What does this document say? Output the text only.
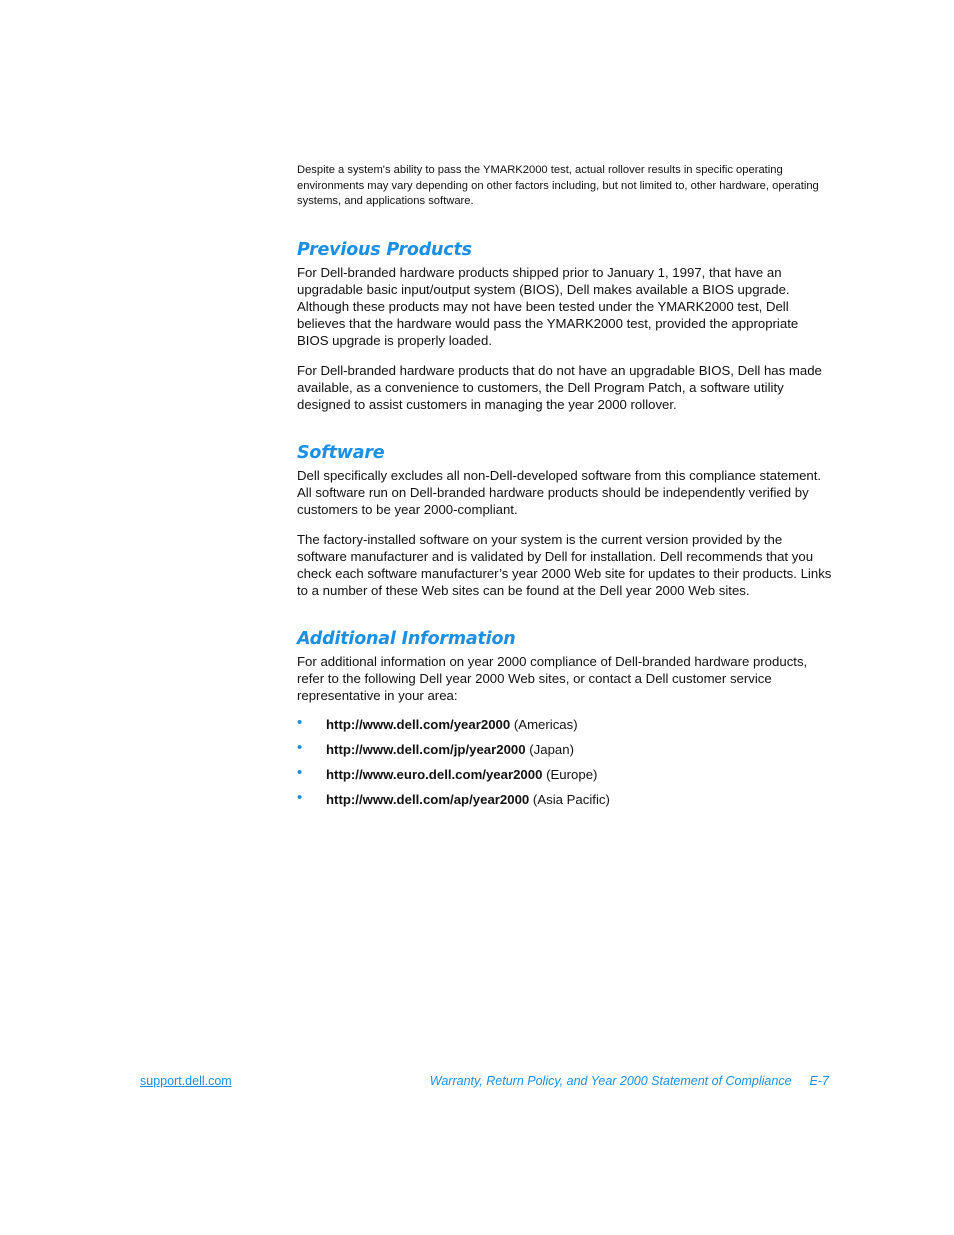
Despite a system's ability to pass the YMARK2000 test, actual rollover results in specific operating environments may vary depending on other factors including, but not limited to, other hardware, operating systems, and applications software.

Previous Products

For Dell-branded hardware products shipped prior to January 1, 1997, that have an upgradable basic input/output system (BIOS), Dell makes available a BIOS upgrade. Although these products may not have been tested under the YMARK2000 test, Dell believes that the hardware would pass the YMARK2000 test, provided the appropriate BIOS upgrade is properly loaded.

For Dell-branded hardware products that do not have an upgradable BIOS, Dell has made available, as a convenience to customers, the Dell Program Patch, a software utility designed to assist customers in managing the year 2000 rollover.

Software

Dell specifically excludes all non-Dell-developed software from this compliance statement. All software run on Dell-branded hardware products should be independently verified by customers to be year 2000-compliant.

The factory-installed software on your system is the current version provided by the software manufacturer and is validated by Dell for installation. Dell recommends that you check each software manufacturer’s year 2000 Web site for updates to their products. Links to a number of these Web sites can be found at the Dell year 2000 Web sites.

Additional Information

For additional information on year 2000 compliance of Dell-branded hardware products, refer to the following Dell year 2000 Web sites, or contact a Dell customer service representative in your area:

• http://www.dell.com/year2000 (Americas)
• http://www.dell.com/jp/year2000 (Japan)
• http://www.euro.dell.com/year2000 (Europe)
• http://www.dell.com/ap/year2000 (Asia Pacific)
support.dell.com	Warranty, Return Policy, and Year 2000 Statement of Compliance E-7
